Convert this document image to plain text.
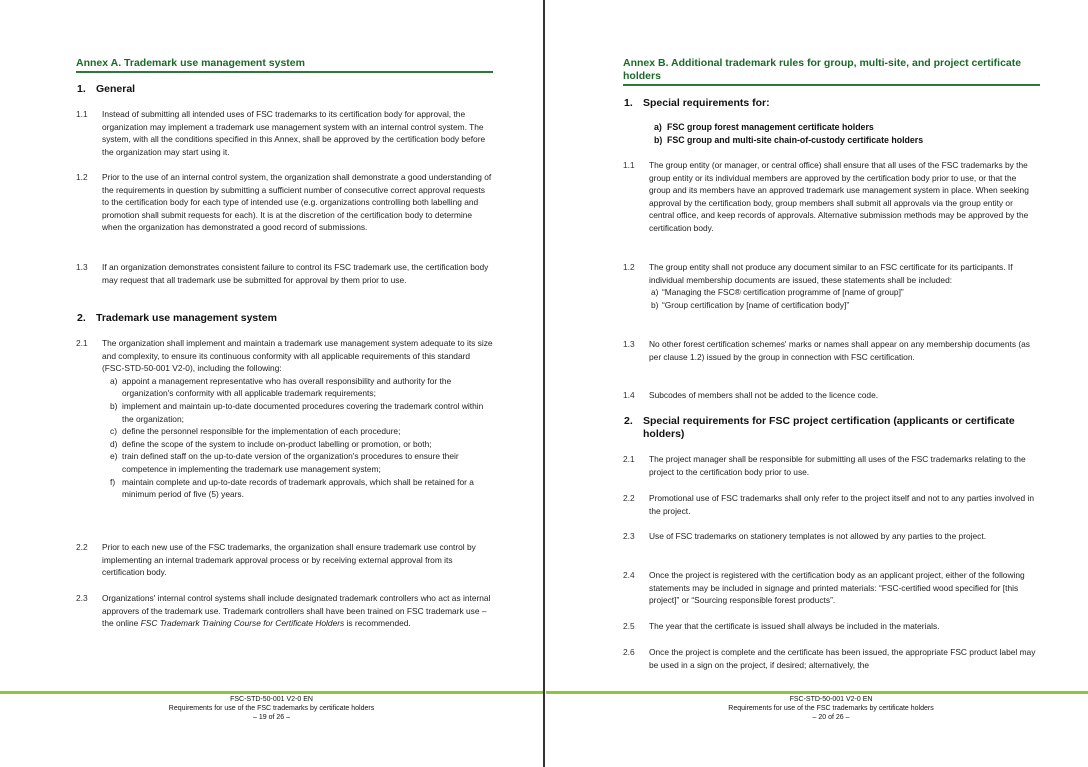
Annex A. Trademark use management system
1. General
1.1 Instead of submitting all intended uses of FSC trademarks to its certification body for approval, the organization may implement a trademark use management system with an internal control system. The system, with all the conditions specified in this Annex, shall be approved by the certification body before the organization may start using it.
1.2 Prior to the use of an internal control system, the organization shall demonstrate a good understanding of the requirements in question by submitting a sufficient number of consecutive correct approval requests to the certification body for each type of intended use (e.g. organizations controlling both labelling and promotion shall submit requests for each). It is at the discretion of the certification body to determine when the organization has demonstrated a good record of submissions.
1.3 If an organization demonstrates consistent failure to control its FSC trademark use, the certification body may request that all trademark use be submitted for approval by them prior to use.
2. Trademark use management system
2.1 The organization shall implement and maintain a trademark use management system adequate to its size and complexity, to ensure its continuous conformity with all applicable requirements of this standard (FSC-STD-50-001 V2-0), including the following:
a) appoint a management representative who has overall responsibility and authority for the organization's conformity with all applicable trademark requirements;
b) implement and maintain up-to-date documented procedures covering the trademark control within the organization;
c) define the personnel responsible for the implementation of each procedure;
d) define the scope of the system to include on-product labelling or promotion, or both;
e) train defined staff on the up-to-date version of the organization's procedures to ensure their competence in implementing the trademark use management system;
f) maintain complete and up-to-date records of trademark approvals, which shall be retained for a minimum period of five (5) years.
2.2 Prior to each new use of the FSC trademarks, the organization shall ensure trademark use control by implementing an internal trademark approval process or by receiving external approval from its certification body.
2.3 Organizations' internal control systems shall include designated trademark controllers who act as internal approvers of the trademark use. Trademark controllers shall have been trained on FSC trademark use – the online FSC Trademark Training Course for Certificate Holders is recommended.
FSC-STD-50-001 V2-0 EN
Requirements for use of the FSC trademarks by certificate holders
– 19 of 26 –
Annex B. Additional trademark rules for group, multi-site, and project certificate holders
1. Special requirements for:
a) FSC group forest management certificate holders
b) FSC group and multi-site chain-of-custody certificate holders
1.1 The group entity (or manager, or central office) shall ensure that all uses of the FSC trademarks by the group entity or its individual members are approved by the certification body prior to use, or that the group and its members have an approved trademark use management system in place. When seeking approval by the certification body, group members shall submit all approvals via the group entity or central office, and keep records of approvals. Alternative submission methods may be approved by the certification body.
1.2 The group entity shall not produce any document similar to an FSC certificate for its participants. If individual membership documents are issued, these statements shall be included:
a) “Managing the FSC® certification programme of [name of group]”
b) “Group certification by [name of certification body]”
1.3 No other forest certification schemes' marks or names shall appear on any membership documents (as per clause 1.2) issued by the group in connection with FSC certification.
1.4 Subcodes of members shall not be added to the licence code.
2. Special requirements for FSC project certification (applicants or certificate holders)
2.1 The project manager shall be responsible for submitting all uses of the FSC trademarks relating to the project to the certification body prior to use.
2.2 Promotional use of FSC trademarks shall only refer to the project itself and not to any parties involved in the project.
2.3 Use of FSC trademarks on stationery templates is not allowed by any parties to the project.
2.4 Once the project is registered with the certification body as an applicant project, either of the following statements may be included in signage and printed materials: “FSC-certified wood specified for [this project]” or “Sourcing responsible forest products”.
2.5 The year that the certificate is issued shall always be included in the materials.
2.6 Once the project is complete and the certificate has been issued, the appropriate FSC product label may be used in a sign on the project, if desired; alternatively, the
FSC-STD-50-001 V2-0 EN
Requirements for use of the FSC trademarks by certificate holders
– 20 of 26 –
